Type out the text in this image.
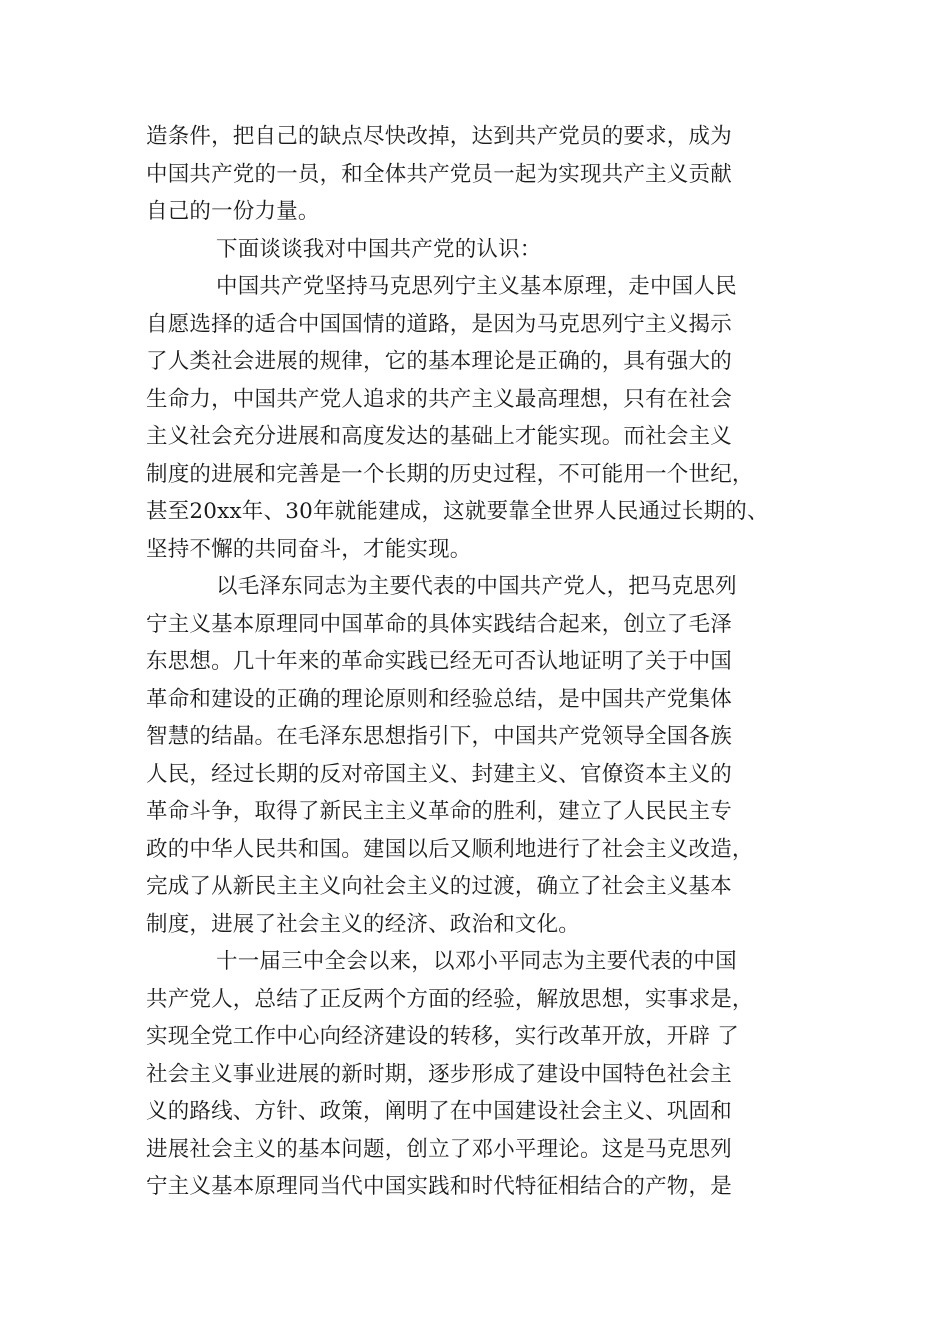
造条件，把自己的缺点尽快改掉，达到共产党员的要求，成为
中国共产党的一员，和全体共产党员一起为实现共产主义贡献
自己的一份力量。
下面谈谈我对中国共产党的认识：
中国共产党坚持马克思列宁主义基本原理，走中国人民
自愿选择的适合中国国情的道路，是因为马克思列宁主义揭示
了人类社会进展的规律，它的基本理论是正确的，具有强大的
生命力，中国共产党人追求的共产主义最高理想，只有在社会
主义社会充分进展和高度发达的基础上才能实现。而社会主义
制度的进展和完善是一个长期的历史过程，不可能用一个世纪，
甚至20xx年、30年就能建成，这就要靠全世界人民通过长期的、
坚持不懈的共同奋斗，才能实现。
以毛泽东同志为主要代表的中国共产党人，把马克思列
宁主义基本原理同中国革命的具体实践结合起来，创立了毛泽
东思想。几十年来的革命实践已经无可否认地证明了关于中国
革命和建设的正确的理论原则和经验总结，是中国共产党集体
智慧的结晶。在毛泽东思想指引下，中国共产党领导全国各族
人民，经过长期的反对帝国主义、封建主义、官僚资本主义的
革命斗争，取得了新民主主义革命的胜利，建立了人民民主专
政的中华人民共和国。建国以后又顺利地进行了社会主义改造，
完成了从新民主主义向社会主义的过渡，确立了社会主义基本
制度，进展了社会主义的经济、政治和文化。
十一届三中全会以来，以邓小平同志为主要代表的中国
共产党人，总结了正反两个方面的经验，解放思想，实事求是，
实现全党工作中心向经济建设的转移，实行改革开放，开辟 了
社会主义事业进展的新时期，逐步形成了建设中国特色社会主
义的路线、方针、政策，阐明了在中国建设社会主义、巩固和
进展社会主义的基本问题，创立了邓小平理论。这是马克思列
宁主义基本原理同当代中国实践和时代特征相结合的产物，是
